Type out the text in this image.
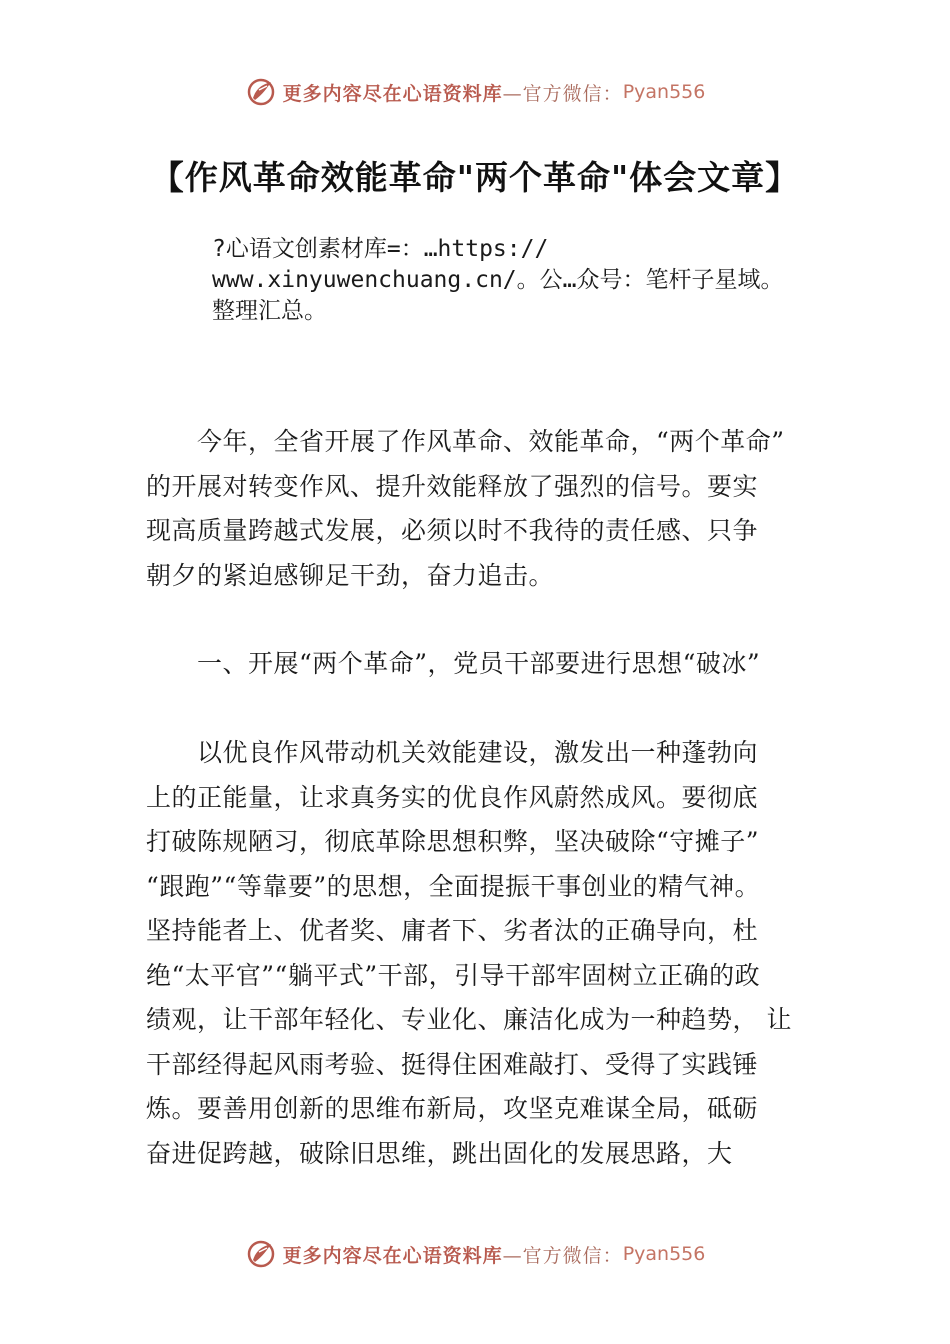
更多内容尽在心语资料库 —官方微信： Pyan556
【作风革命效能革命"两个革命"体会文章】
?心语文创素材库=：…https://
www.xinyuwenchuang.cn/。公…众号：笔杆子星域。
整理汇总。
　　今年，全省开展了作风革命、效能革命，“两个革命”
的开展对转变作风、提升效能释放了强烈的信号。要实
现高质量跨越式发展，必须以时不我待的责任感、只争
朝夕的紧迫感铆足干劲，奋力追击。
　　一、开展“两个革命”，党员干部要进行思想“破冰”
　　以优良作风带动机关效能建设，激发出一种蓬勃向
上的正能量，让求真务实的优良作风蔚然成风。要彻底
打破陈规陋习，彻底革除思想积弊，坚决破除“守摊子”
“跟跑”“等靠要”的思想，全面提振干事创业的精气神。
坚持能者上、优者奖、庸者下、劣者汰的正确导向，杜
绝“太平官”“躺平式”干部，引导干部牢固树立正确的政
绩观，让干部年轻化、专业化、廉洁化成为一种趋势， 让
干部经得起风雨考验、挺得住困难敲打、受得了实践锤
炼。要善用创新的思维布新局，攻坚克难谋全局，砥砺
奋进促跨越，破除旧思维，跳出固化的发展思路，大
更多内容尽在心语资料库 —官方微信： Pyan556
